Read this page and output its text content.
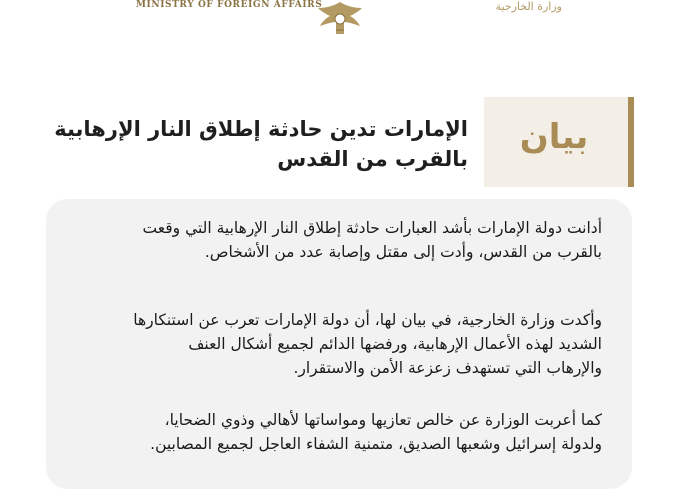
MINISTRY OF FOREIGN AFFAIRS	وزارة الخارجية
الإمارات تدين حادثة إطلاق النار الإرهابية
بالقرب من القدس
بيان
أدانت دولة الإمارات بأشد العبارات حادثة إطلاق النار الإرهابية التي وقعت
بالقرب من القدس، وأدت إلى مقتل وإصابة عدد من الأشخاص.
وأكدت وزارة الخارجية، في بيان لها، أن دولة الإمارات تعرب عن استنكارها
الشديد لهذه الأعمال الإرهابية، ورفضها الدائم لجميع أشكال العنف
والإرهاب التي تستهدف زعزعة الأمن والاستقرار.
كما أعربت الوزارة عن خالص تعازيها ومواساتها لأهالي وذوي الضحايا،
ولدولة إسرائيل وشعبها الصديق، متمنية الشفاء العاجل لجميع المصابين.
